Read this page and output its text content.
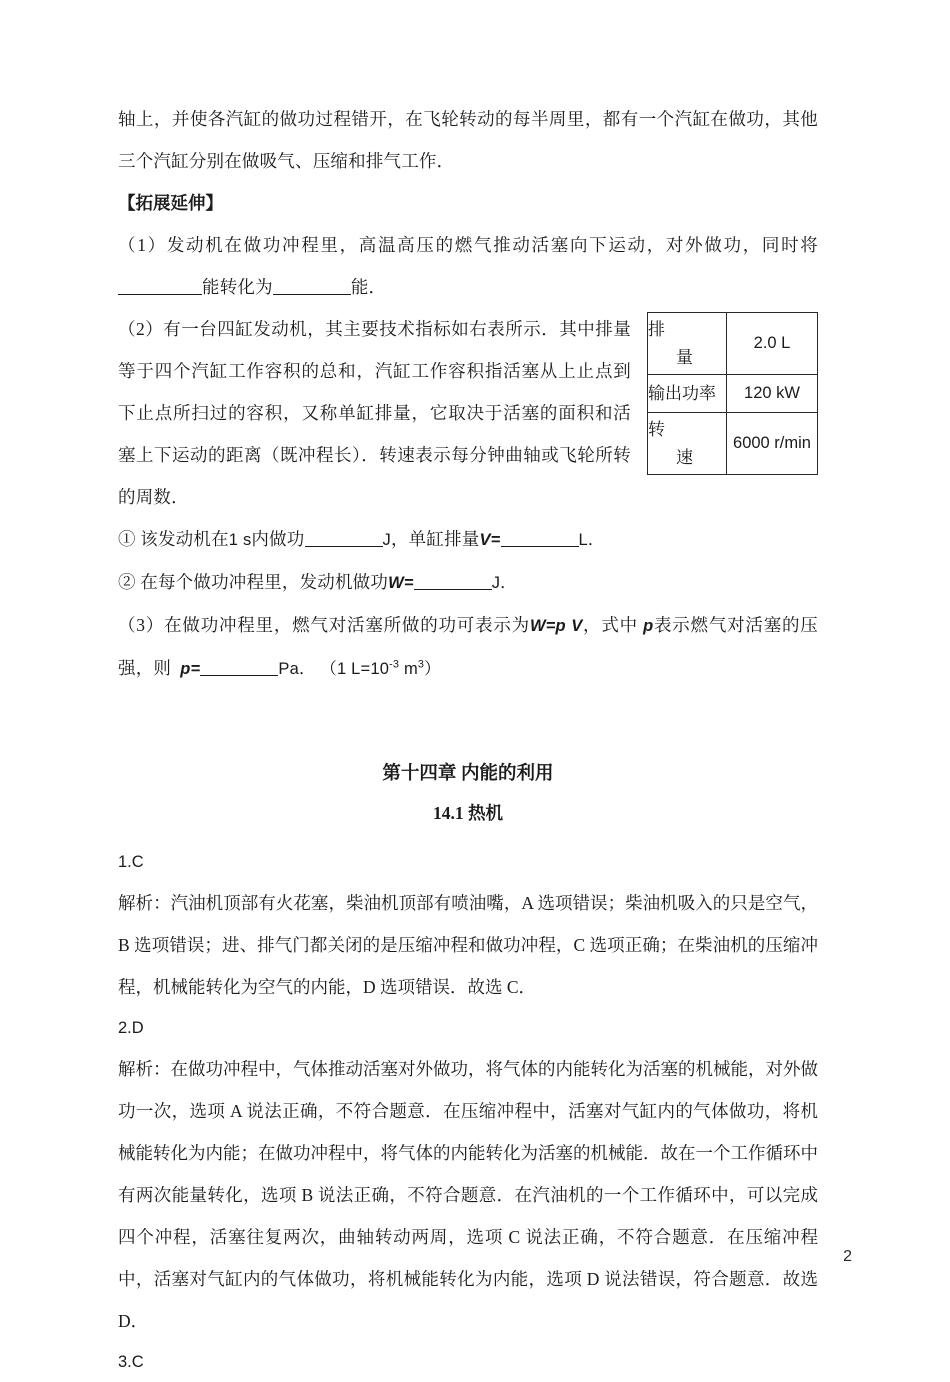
轴上，并使各汽缸的做功过程错开，在飞轮转动的每半周里，都有一个汽缸在做功，其他三个汽缸分别在做吸气、压缩和排气工作．

【拓展延伸】

（1）发动机在做功冲程里，高温高压的燃气推动活塞向下运动，对外做功，同时将能转化为	能．

排
量	2.0 L

输出功率	120 kW

转
速	6000 r/min

（2）有一台四缸发动机，其主要技术指标如右表所示．其中排量等于四个汽缸工作容积的总和，汽缸工作容积指活塞从上止点到下止点所扫过的容积，又称单缸排量，它取决于活塞的面积和活塞上下运动的距离（既冲程长）．转速表示每分钟曲轴或飞轮所转的周数．

① 该发动机在1 s内做功	J，单缸排量V=	L．

② 在每个做功冲程里，发动机做功W=	J．

（3）在做功冲程里，燃气对活塞所做的功可表示为W=p V，式中 p表示燃气对活塞的压强，则 p=	Pa． （1 $L=10^{-3}$ $m^3$）

第十四章 内能的利用

14.1 热机

1.C

解析：汽油机顶部有火花塞，柴油机顶部有喷油嘴，A 选项错误；柴油机吸入的只是空气，B 选项错误；进、排气门都关闭的是压缩冲程和做功冲程，C 选项正确；在柴油机的压缩冲程，机械能转化为空气的内能，D 选项错误．故选 C．

2.D

解析：在做功冲程中，气体推动活塞对外做功，将气体的内能转化为活塞的机械能，对外做功一次，选项 A 说法正确，不符合题意．在压缩冲程中，活塞对气缸内的气体做功，将机械能转化为内能；在做功冲程中，将气体的内能转化为活塞的机械能．故在一个工作循环中有两次能量转化，选项 B 说法正确，不符合题意．在汽油机的一个工作循环中，可以完成四个冲程，活塞往复两次，曲轴转动两周，选项 C 说法正确，不符合题意．在压缩冲程中，活塞对气缸内的气体做功，将机械能转化为内能，选项 D 说法错误，符合题意．故选 D．

3.C

2
